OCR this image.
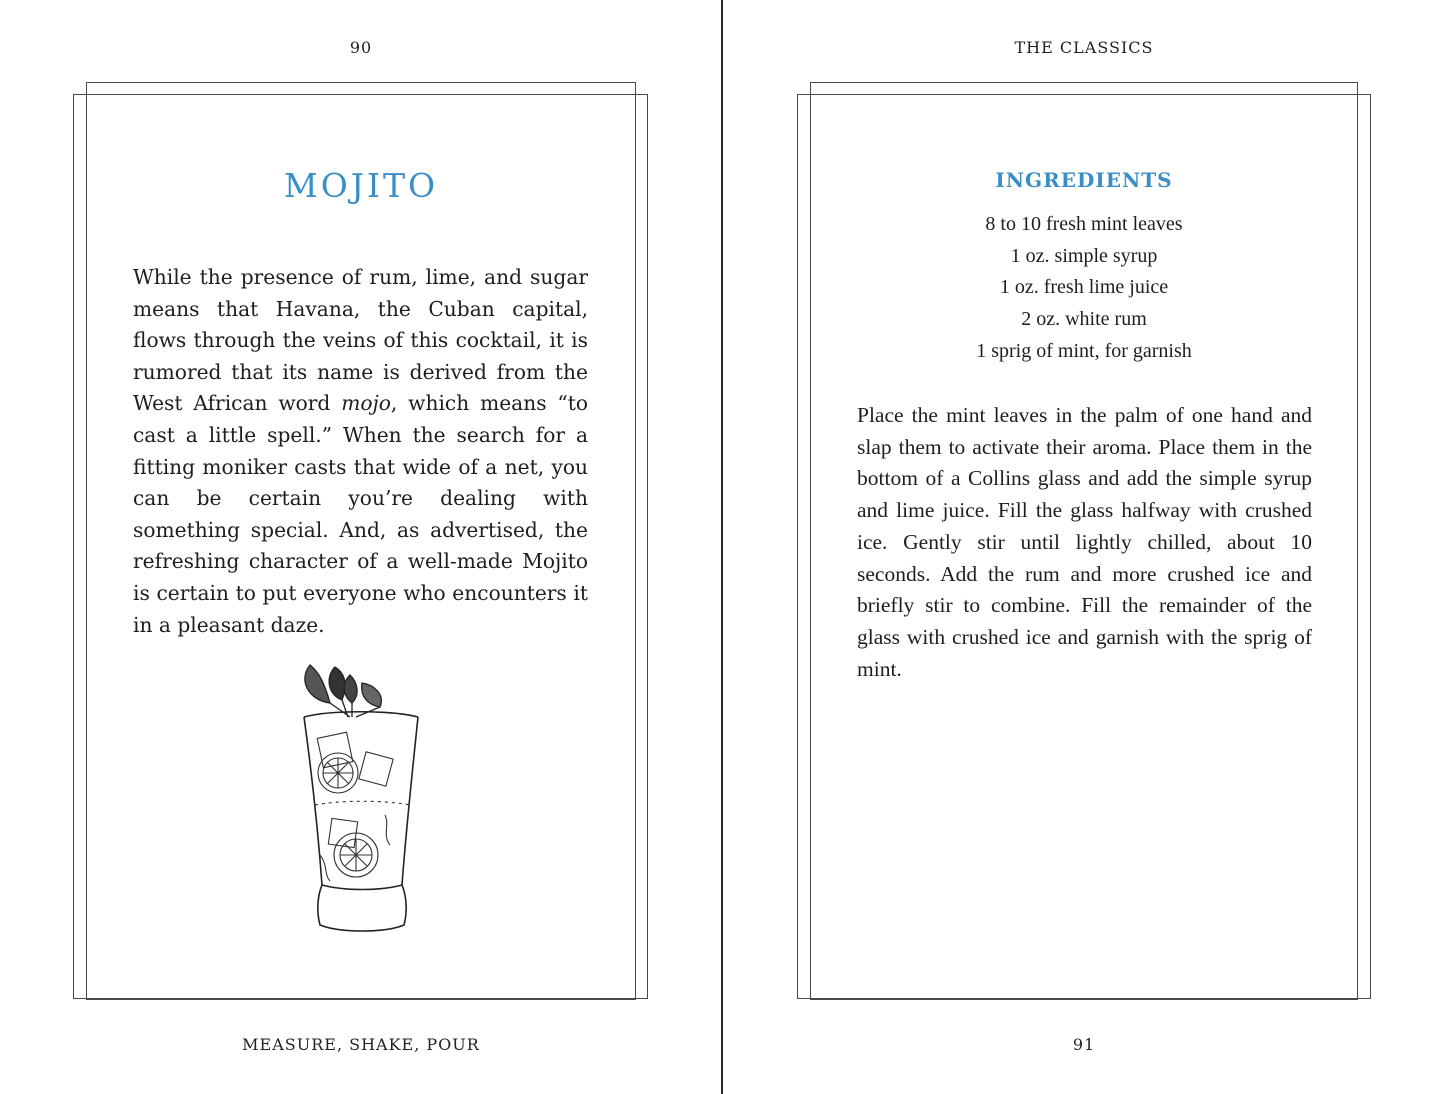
90
MOJITO

While the presence of rum, lime, and sugar means that Havana, the Cuban capital, flows through the veins of this cocktail, it is rumored that its name is derived from the West African word mojo, which means “to cast a little spell.” When the search for a fitting moniker casts that wide of a net, you can be certain you’re dealing with something special. And, as advertised, the refreshing character of a well-made Mojito is certain to put everyone who encounters it in a pleasant daze.

MEASURE, SHAKE, POUR
THE CLASSICS
INGREDIENTS
8 to 10 fresh mint leaves
1 oz. simple syrup
1 oz. fresh lime juice
2 oz. white rum
1 sprig of mint, for garnish

Place the mint leaves in the palm of one hand and slap them to activate their aroma. Place them in the bottom of a Collins glass and add the simple syrup and lime juice. Fill the glass halfway with crushed ice. Gently stir until lightly chilled, about 10 seconds. Add the rum and more crushed ice and briefly stir to combine. Fill the remainder of the glass with crushed ice and garnish with the sprig of mint.

91
